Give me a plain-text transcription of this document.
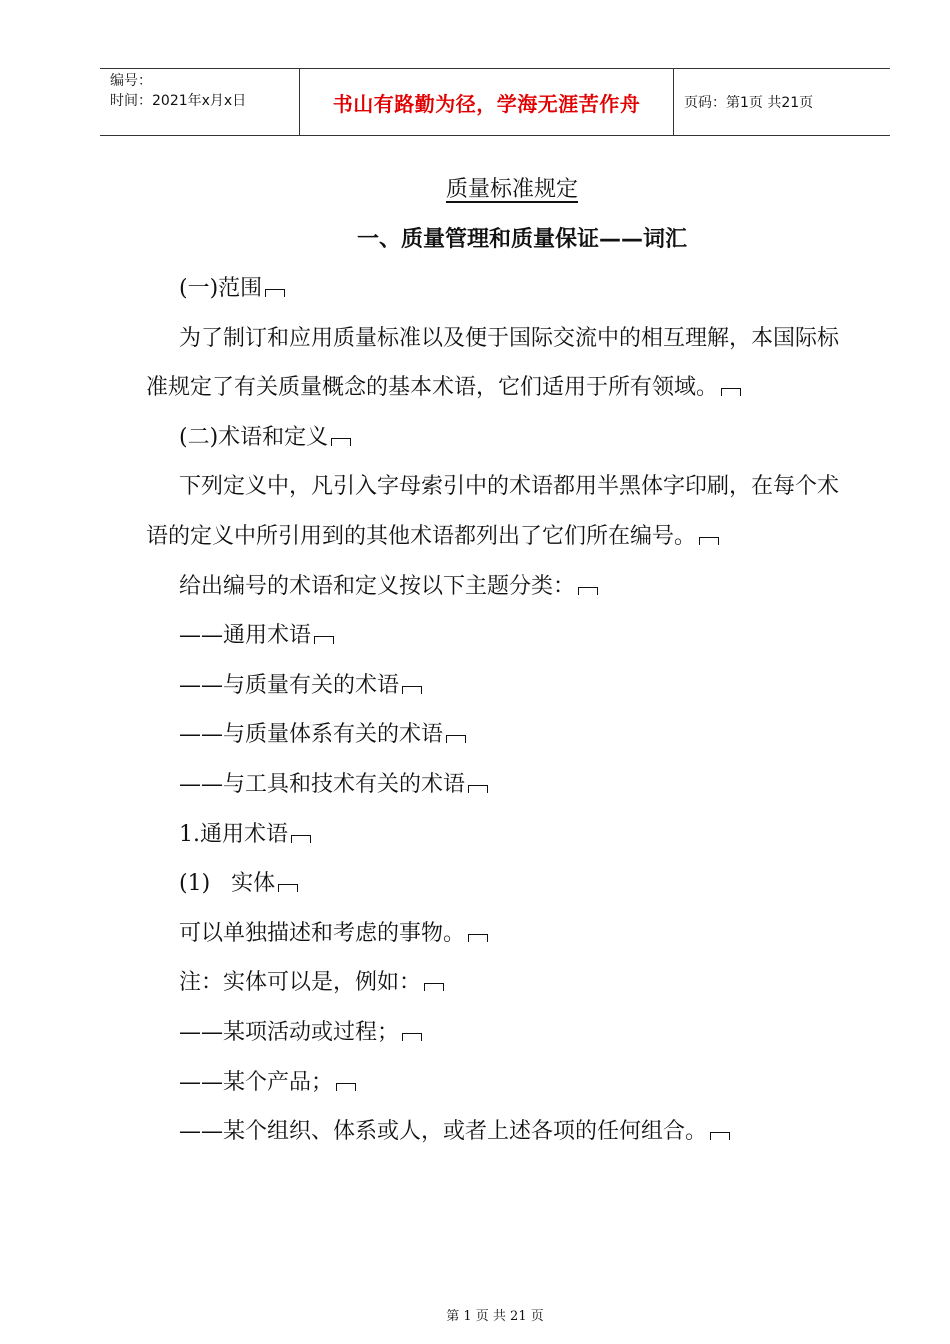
编号：
时间：2021年x月x日	书山有路勤为径，学海无涯苦作舟	页码：第1页 共21页
质量标准规定
一、质量管理和质量保证——词汇

(一)范围

为了制订和应用质量标准以及便于国际交流中的相互理解，本国际标准规定了有关质量概念的基本术语，它们适用于所有领域。

(二)术语和定义

下列定义中，凡引入字母索引中的术语都用半黑体字印刷，在每个术语的定义中所引用到的其他术语都列出了它们所在编号。

给出编号的术语和定义按以下主题分类：

——通用术语

——与质量有关的术语

——与质量体系有关的术语

——与工具和技术有关的术语

1.通用术语

(1)   实体

可以单独描述和考虑的事物。

注：实体可以是，例如：

——某项活动或过程；

——某个产品；

——某个组织、体系或人，或者上述各项的任何组合。

第 1 页 共 21 页
